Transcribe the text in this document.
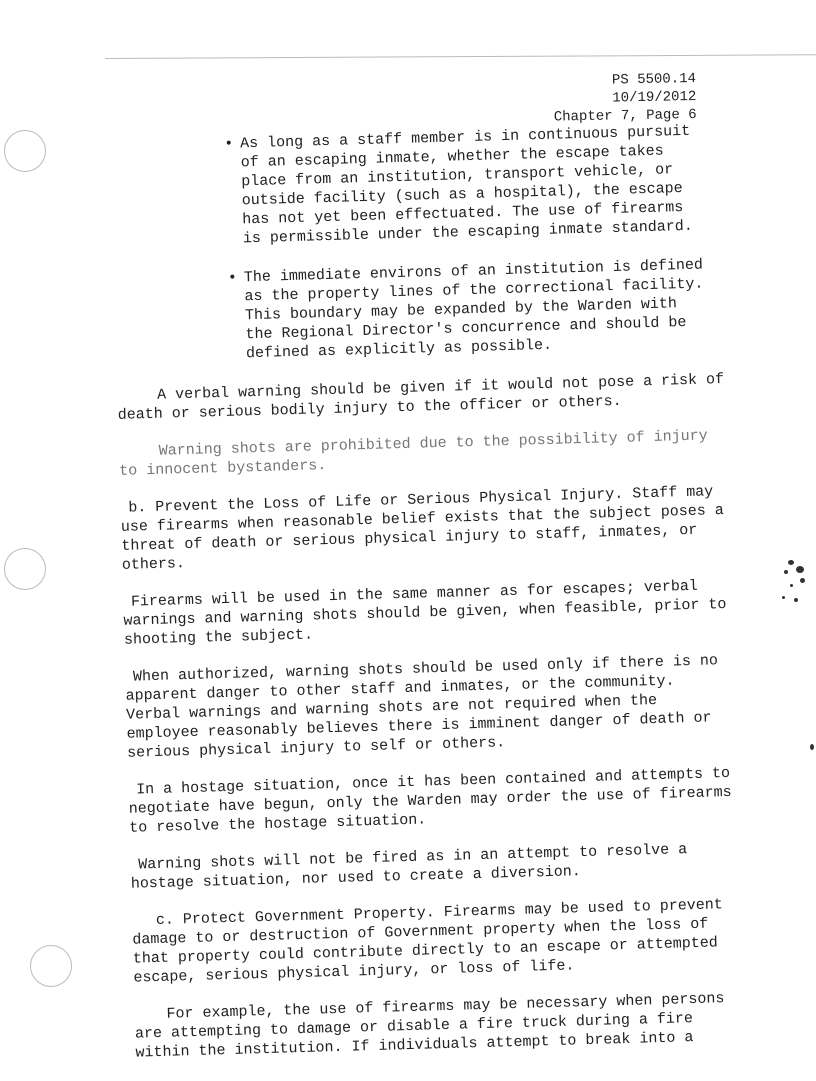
PS 5500.14
10/19/2012
Chapter 7, Page 6
• As long as a staff member is in continuous pursuit of an escaping inmate, whether the escape takes place from an institution, transport vehicle, or outside facility (such as a hospital), the escape has not yet been effectuated. The use of firearms is permissible under the escaping inmate standard.
• The immediate environs of an institution is defined as the property lines of the correctional facility. This boundary may be expanded by the Warden with the Regional Director's concurrence and should be defined as explicitly as possible.

A verbal warning should be given if it would not pose a risk of death or serious bodily injury to the officer or others.

Warning shots are prohibited due to the possibility of injury to innocent bystanders.

b. Prevent the Loss of Life or Serious Physical Injury. Staff may use firearms when reasonable belief exists that the subject poses a threat of death or serious physical injury to staff, inmates, or others.

Firearms will be used in the same manner as for escapes; verbal warnings and warning shots should be given, when feasible, prior to shooting the subject.

When authorized, warning shots should be used only if there is no apparent danger to other staff and inmates, or the community. Verbal warnings and warning shots are not required when the employee reasonably believes there is imminent danger of death or serious physical injury to self or others.

In a hostage situation, once it has been contained and attempts to negotiate have begun, only the Warden may order the use of firearms to resolve the hostage situation.

Warning shots will not be fired as in an attempt to resolve a hostage situation, nor used to create a diversion.

c. Protect Government Property. Firearms may be used to prevent damage to or destruction of Government property when the loss of that property could contribute directly to an escape or attempted escape, serious physical injury, or loss of life.

For example, the use of firearms may be necessary when persons are attempting to damage or disable a fire truck during a fire within the institution. If individuals attempt to break into a
